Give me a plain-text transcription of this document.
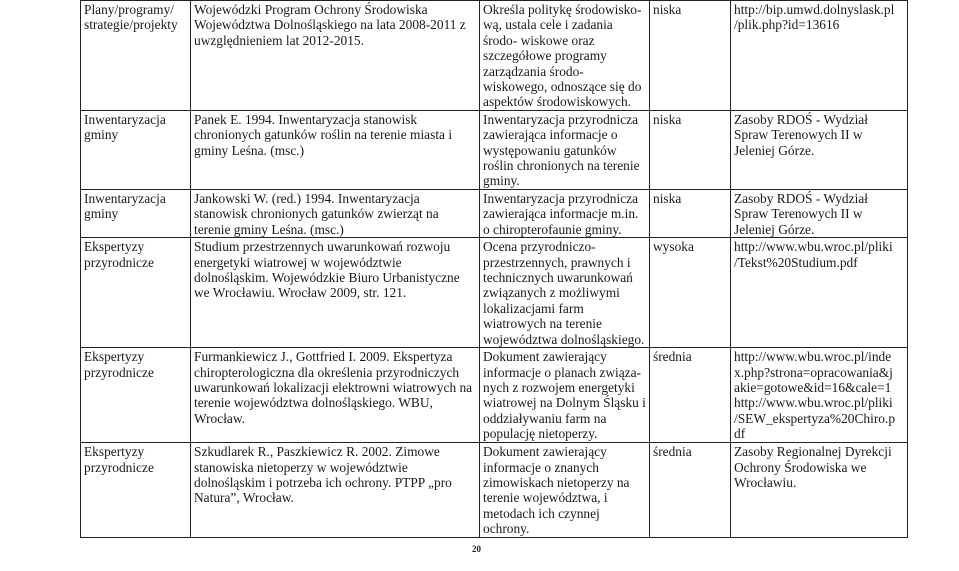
Plany/programy/ strategie/projekty	Wojewódzki Program Ochrony Środowiska Województwa Dolnośląskiego na lata 2008-2011 z uwzględnieniem lat 2012-2015.	Określa politykę środowisko- wą, ustala cele i zadania środo- wiskowe oraz szczegółowe programy zarządzania środo- wiskowego, odnoszące się do aspektów środowiskowych.	niska	http://bip.umwd.dolnyslask.pl /plik.php?id=13616
Inwentaryzacja gminy	Panek E. 1994. Inwentaryzacja stanowisk chronionych gatunków roślin na terenie miasta i gminy Leśna. (msc.)	Inwentaryzacja przyrodnicza zawierająca informacje o występowaniu gatunków roślin chronionych na terenie gminy.	niska	Zasoby RDOŚ - Wydział Spraw Terenowych II w Jeleniej Górze.
Inwentaryzacja gminy	Jankowski W. (red.) 1994. Inwentaryzacja stanowisk chronionych gatunków zwierząt na terenie gminy Leśna. (msc.)	Inwentaryzacja przyrodnicza zawierająca informacje m.in. o chiropterofaunie gminy.	niska	Zasoby RDOŚ - Wydział Spraw Terenowych II w Jeleniej Górze.
Ekspertyzy przyrodnicze	Studium przestrzennych uwarunkowań rozwoju energetyki wiatrowej w województwie dolnośląskim. Wojewódzkie Biuro Urbanistyczne we Wrocławiu. Wrocław 2009, str. 121.	Ocena przyrodniczo- przestrzennych, prawnych i technicznych uwarunkowań związanych z możliwymi lokalizacjami farm wiatrowych na terenie województwa dolnośląskiego.	wysoka	http://www.wbu.wroc.pl/pliki /Tekst%20Studium.pdf
Ekspertyzy przyrodnicze	Furmankiewicz J., Gottfried I. 2009. Ekspertyza chiropterologiczna dla określenia przyrodniczych uwarunkowań lokalizacji elektrowni wiatrowych na terenie województwa dolnośląskiego. WBU, Wrocław.	Dokument zawierający informacje o planach związa- nych z rozwojem energetyki wiatrowej na Dolnym Śląsku i oddziaływaniu farm na populację nietoperzy.	średnia	http://www.wbu.wroc.pl/inde x.php?strona=opracowania&j akie=gotowe&id=16&cale=1 http://www.wbu.wroc.pl/pliki /SEW_ekspertyza%20Chiro.p df
Ekspertyzy przyrodnicze	Szkudlarek R., Paszkiewicz R. 2002. Zimowe stanowiska nietoperzy w województwie dolnośląskim i potrzeba ich ochrony. PTPP „pro Natura”, Wrocław.	Dokument zawierający informacje o znanych zimowiskach nietoperzy na terenie województwa, i metodach ich czynnej ochrony.	średnia	Zasoby Regionalnej Dyrekcji Ochrony Środowiska we Wrocławiu.
20
